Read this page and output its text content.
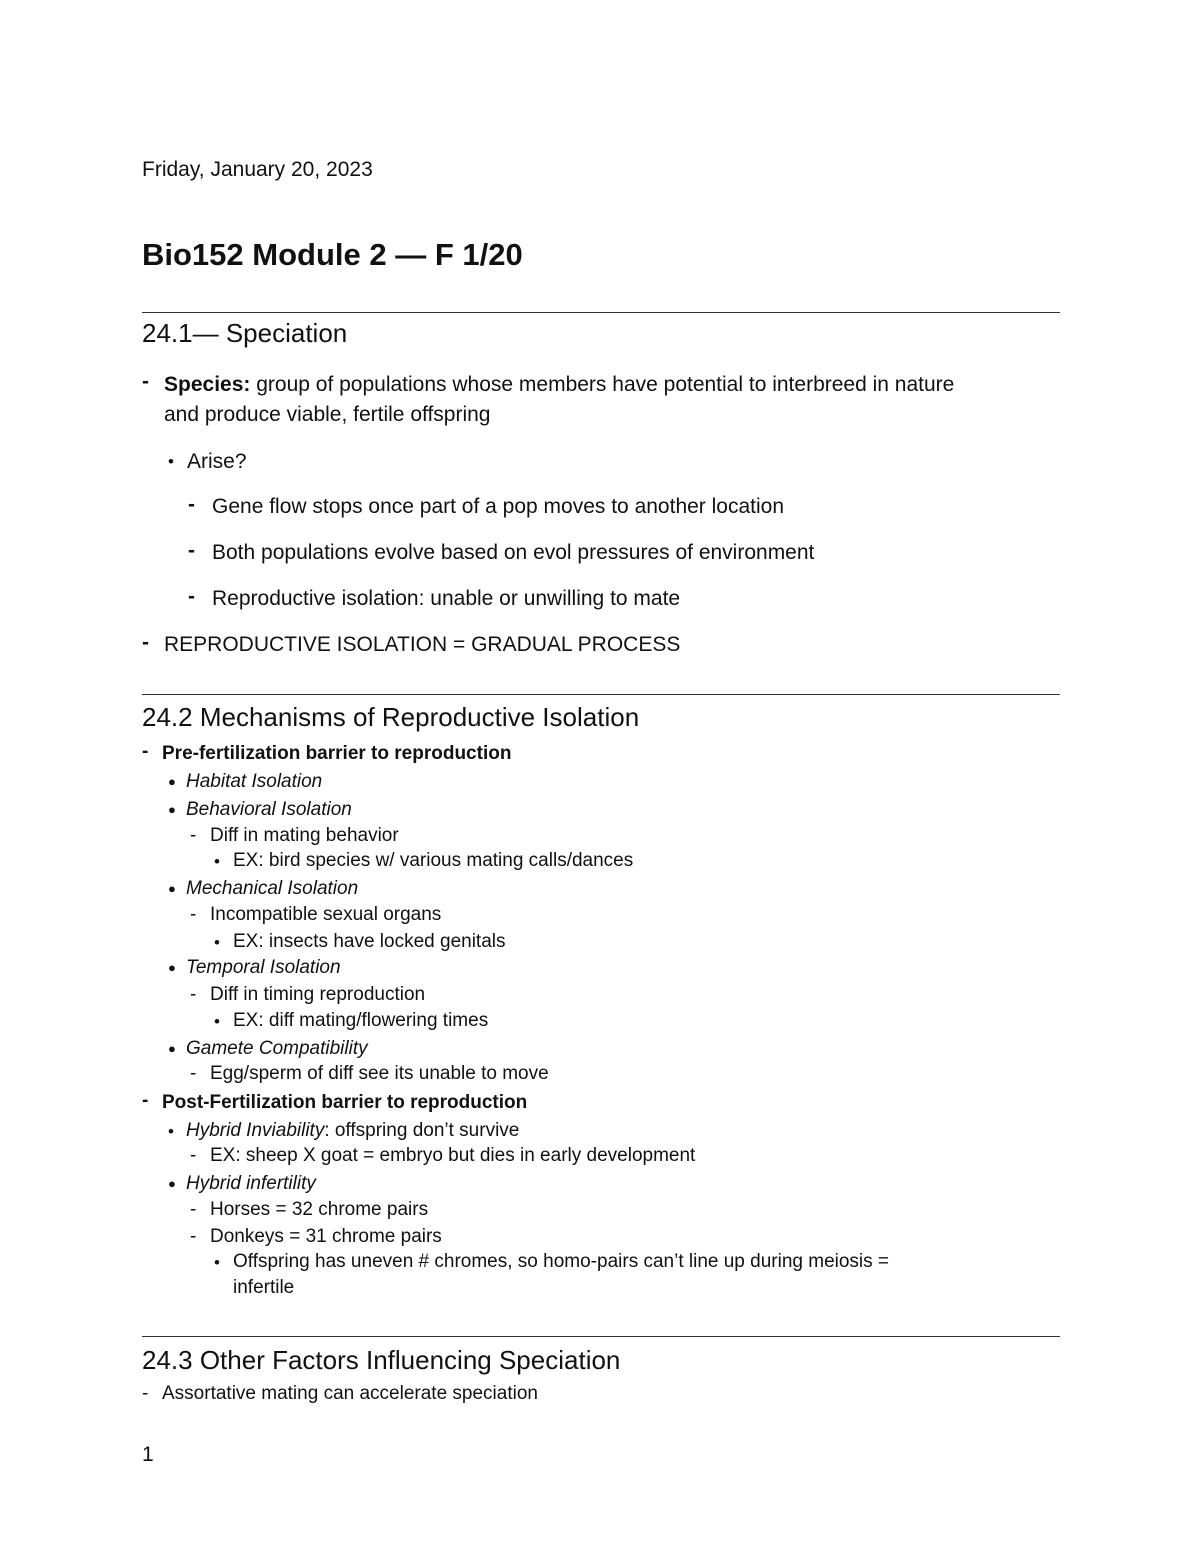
Friday, January 20, 2023
Bio152 Module 2 — F 1/20
24.1— Speciation
- Species: group of populations whose members have potential to interbreed in nature
and produce viable, fertile offspring
• Arise?
- Gene flow stops once part of a pop moves to another location
- Both populations evolve based on evol pressures of environment
- Reproductive isolation: unable or unwilling to mate
- REPRODUCTIVE ISOLATION = GRADUAL PROCESS
24.2 Mechanisms of Reproductive Isolation
- Pre-fertilization barrier to reproduction
● Habitat Isolation
● Behavioral Isolation
- Diff in mating behavior
• EX: bird species w/ various mating calls/dances
● Mechanical Isolation
- Incompatible sexual organs
• EX: insects have locked genitals
● Temporal Isolation
- Diff in timing reproduction
• EX: diff mating/flowering times
● Gamete Compatibility
- Egg/sperm of diff see its unable to move
- Post-Fertilization barrier to reproduction
• Hybrid Inviability: offspring don’t survive
- EX: sheep X goat = embryo but dies in early development
● Hybrid infertility
- Horses = 32 chrome pairs
- Donkeys = 31 chrome pairs
• Offspring has uneven # chromes, so homo-pairs can’t line up during meiosis =
infertile
24.3 Other Factors Influencing Speciation
- Assortative mating can accelerate speciation
1
